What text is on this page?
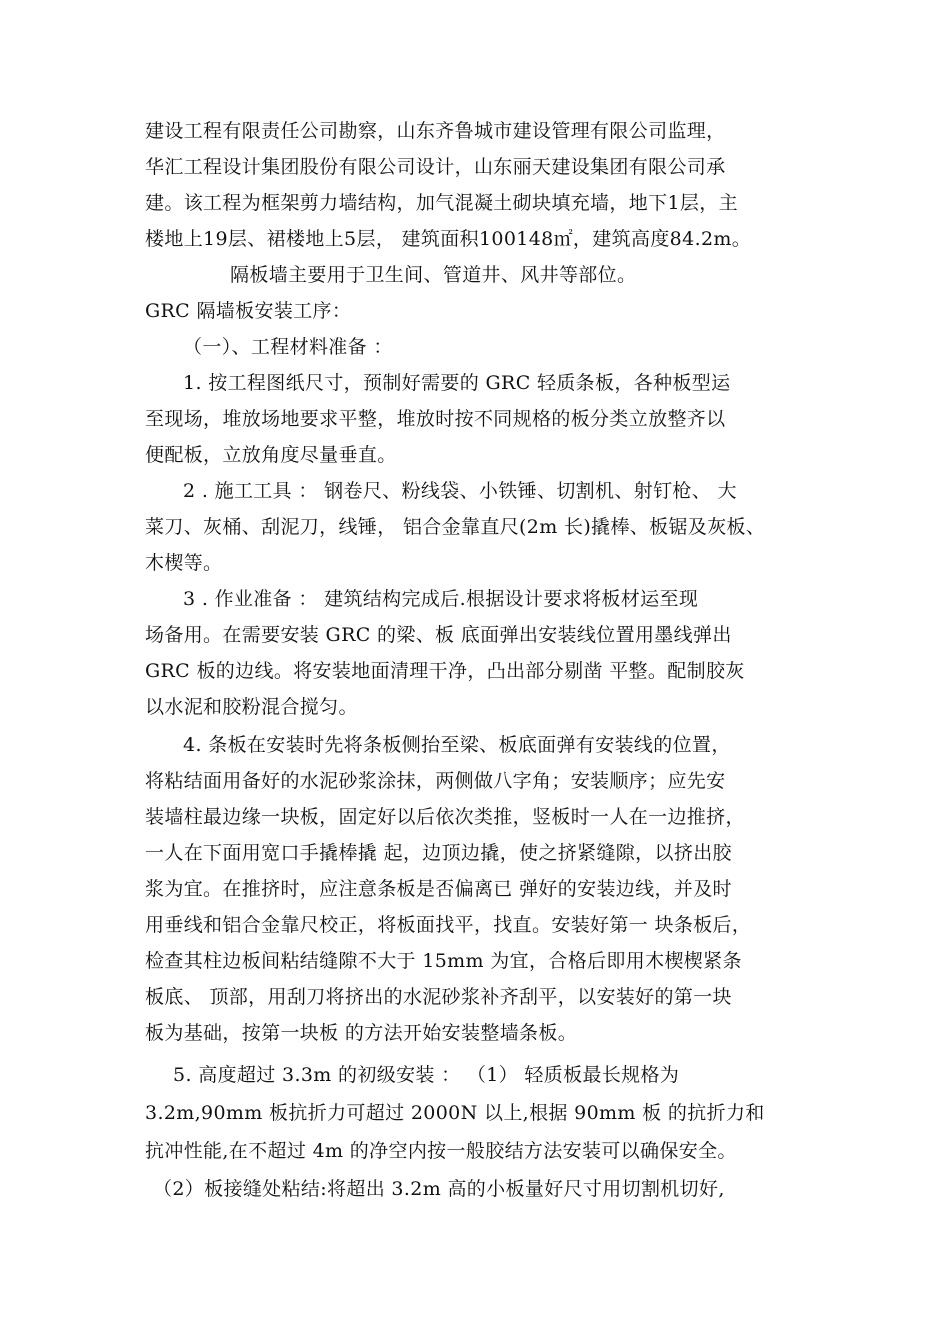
建设工程有限责任公司勘察，山东齐鲁城市建设管理有限公司监理，

华汇工程设计集团股份有限公司设计，山东丽天建设集团有限公司承

建。该工程为框架剪力墙结构，加气混凝土砌块填充墙，地下1层，主

楼地上19层、裙楼地上5层， 建筑面积100148㎡，建筑高度84.2m。

隔板墙主要用于卫生间、管道井、风井等部位。

GRC 隔墙板安装工序：

（一）、工程材料准备 ：

1. 按工程图纸尺寸，预制好需要的 GRC 轻质条板，各种板型运

至现场，堆放场地要求平整，堆放时按不同规格的板分类立放整齐以

便配板，立放角度尽量垂直。

2 . 施工工具 ： 钢卷尺、粉线袋、小铁锤、切割机、射钉枪、 大

菜刀、灰桶、刮泥刀，线锤， 铝合金靠直尺(2m 长)撬棒、板锯及灰板、

木楔等。

3 . 作业准备 ： 建筑结构完成后.根据设计要求将板材运至现

场备用。在需要安装 GRC 的梁、板 底面弹出安装线位置用墨线弹出

GRC 板的边线。将安装地面清理干净，凸出部分剔凿 平整。配制胶灰

以水泥和胶粉混合搅匀。

4. 条板在安装时先将条板侧抬至梁、板底面弹有安装线的位置，

将粘结面用备好的水泥砂浆涂抹，两侧做八字角；安装顺序；应先安

装墙柱最边缘一块板，固定好以后依次类推，竖板时一人在一边推挤，

一人在下面用宽口手撬棒撬 起，边顶边撬，使之挤紧缝隙，以挤出胶

浆为宜。在推挤时，应注意条板是否偏离已 弹好的安装边线，并及时

用垂线和铝合金靠尺校正，将板面找平，找直。安装好第一 块条板后，

检查其柱边板间粘结缝隙不大于 15mm 为宜，合格后即用木楔楔紧条

板底、 顶部，用刮刀将挤出的水泥砂浆补齐刮平，以安装好的第一块

板为基础，按第一块板 的方法开始安装整墙条板。

5. 高度超过 3.3m 的初级安装 ： （1） 轻质板最长规格为

3.2m,90mm 板抗折力可超过 2000N 以上,根据 90mm 板 的抗折力和

抗冲性能,在不超过 4m 的净空内按一般胶结方法安装可以确保安全。

（2）板接缝处粘结:将超出 3.2m 高的小板量好尺寸用切割机切好,
